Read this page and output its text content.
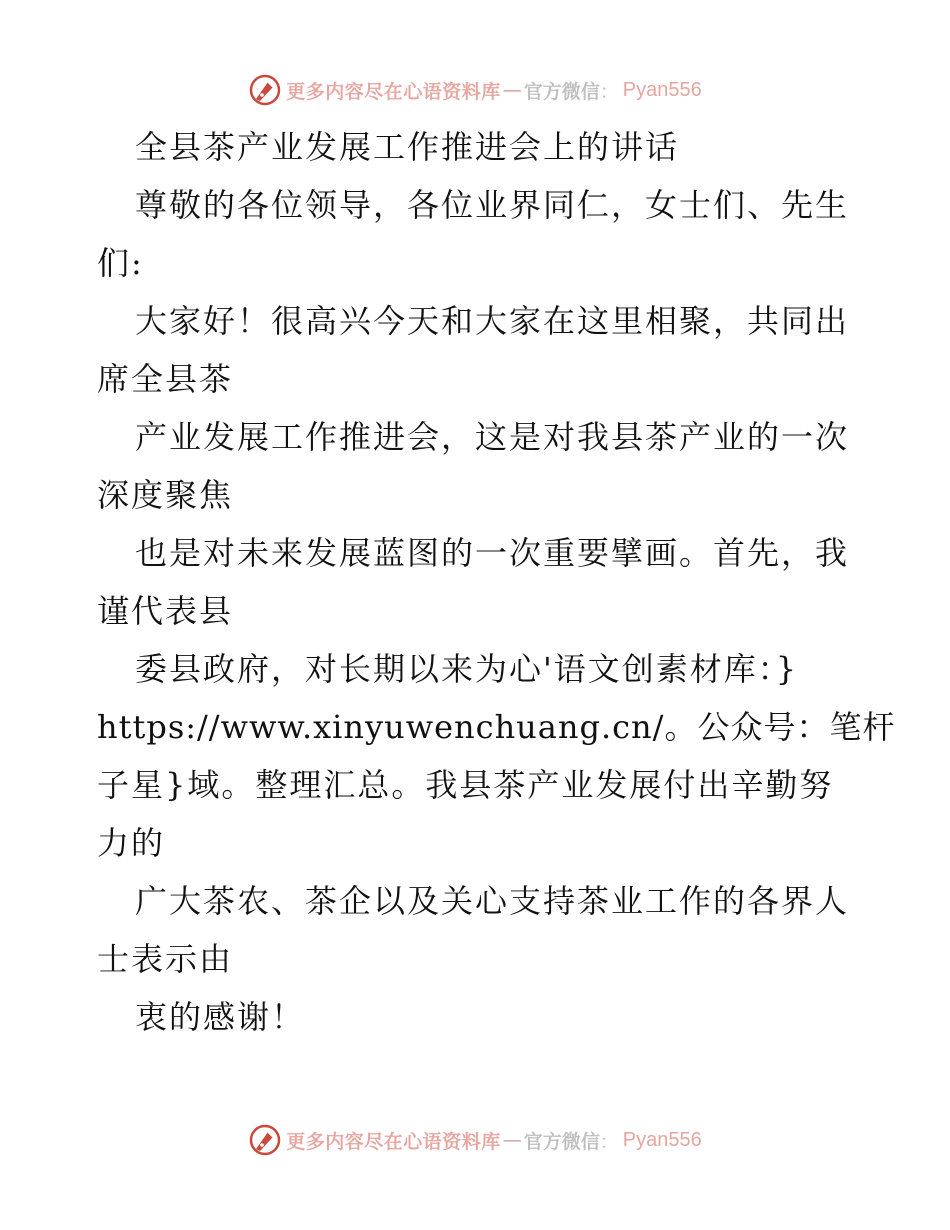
更多内容尽在心语资料库 — 官方微信 ： Pyan556
全县茶产业发展工作推进会上的讲话
尊敬的各位领导，各位业界同仁，女士们、先生
们:
大家好！很高兴今天和大家在这里相聚，共同出
席全县茶
产业发展工作推进会，这是对我县茶产业的一次
深度聚焦
也是对未来发展蓝图的一次重要擘画。首先，我
谨代表县
委县政府，对长期以来为心'语文创素材库：}
https://www.xinyuwenchuang.cn/。公众号：笔杆
子星}域。整理汇总。我县茶产业发展付出辛勤努
力的
广大茶农、茶企以及关心支持茶业工作的各界人
士表示由
衷的感谢！
更多内容尽在心语资料库 — 官方微信 ： Pyan556
